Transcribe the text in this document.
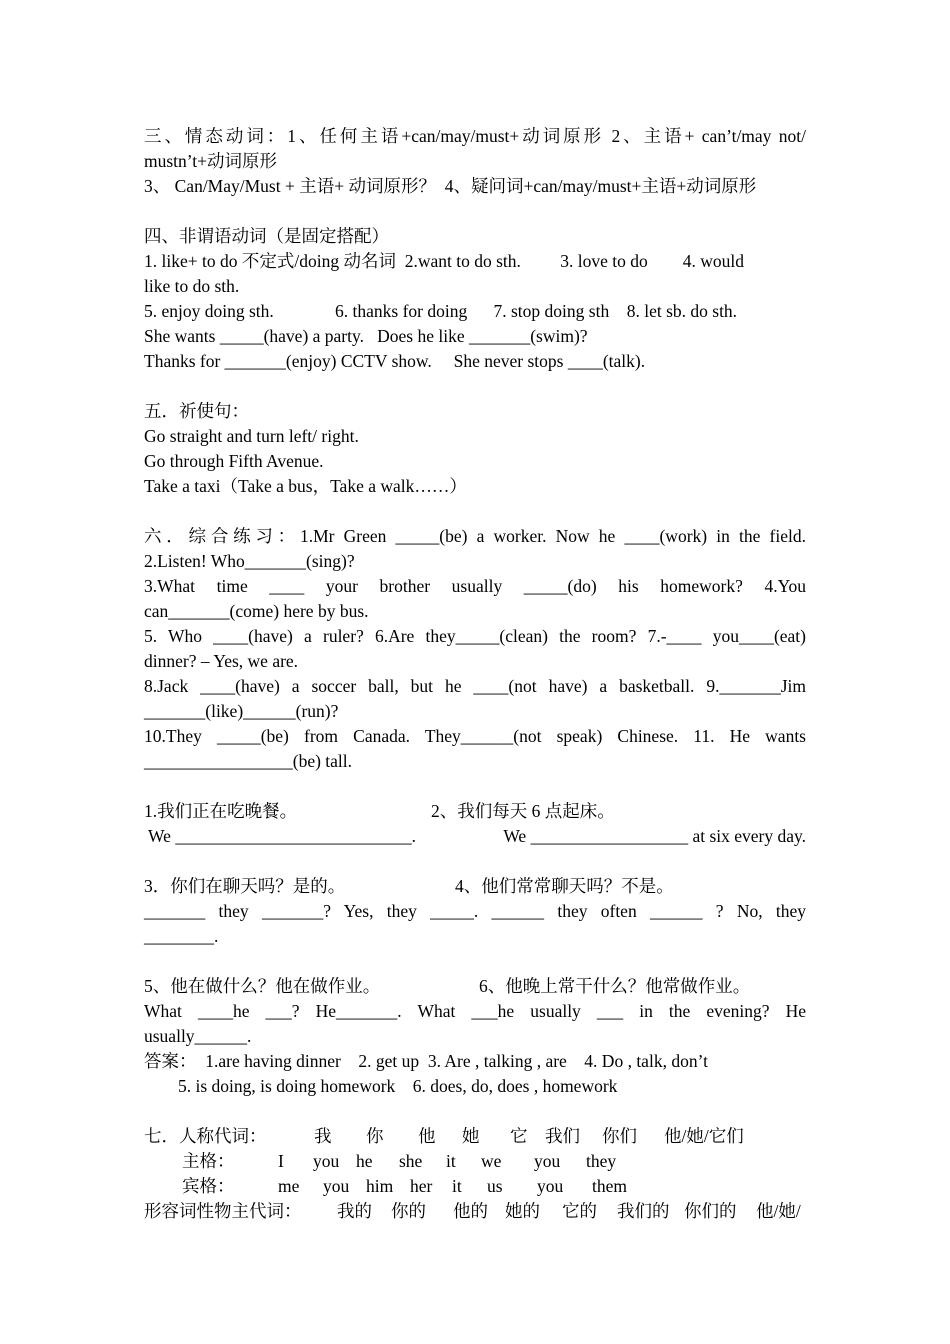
三、情态动词：1、任何主语+can/may/must+动词原形 2、主语+ can’t/may not/
mustn’t+动词原形
3、 Can/May/Must + 主语+ 动词原形？  4、疑问词+can/may/must+主语+动词原形
四、非谓语动词（是固定搭配）
1. like+ to do 不定式/doing 动名词  2.want to do sth.         3. love to do        4. would
like to do sth.
5. enjoy doing sth.              6. thanks for doing      7. stop doing sth    8. let sb. do sth.
She wants _____(have) a party.   Does he like _______(swim)?
Thanks for _______(enjoy) CCTV show.     She never stops ____(talk).
五．祈使句：
Go straight and turn left/ right.
Go through Fifth Avenue.
Take a taxi（Take a bus，Take a walk……）
六．综合练习：1.Mr Green _____(be) a worker. Now he ____(work) in the field.
2.Listen! Who_______(sing)?
3.What time ____ your brother usually _____(do) his homework? 4.You
can_______(come) here by bus.
5. Who ____(have) a ruler? 6.Are they_____(clean) the room? 7.-____ you____(eat)
dinner? – Yes, we are.
8.Jack ____(have) a soccer ball, but he ____(not have) a basketball. 9._______Jim
_______(like)______(run)?
10.They _____(be) from Canada. They______(not speak) Chinese. 11. He wants
_________________(be) tall.
1.我们正在吃晚餐。	2、我们每天 6 点起床。
We ___________________________.	We __________________ at six every day.
3．你们在聊天吗？是的。	4、他们常常聊天吗？不是。
_______ they _______? Yes, they _____. ______ they often ______ ? No, they
________.
5、他在做什么？他在做作业。	6、他晚上常干什么？他常做作业。
What ____he ___? He_______. What ___he usually ___ in the evening? He
usually______.
答案：  1.are having dinner    2. get up  3. Are , talking , are    4. Do , talk, don’t
5. is doing, is doing homework    6. does, do, does , homework
七．人称代词：	我	你	他	她	它	我们	你们	他/她/它们
主格：	I	you he	she	it	we	you	they
宾格：	me	you him her	it	us	you	them
形容词性物主代词：	我的	你的	他的 她的	它的	我们的 你们的	他/她/
